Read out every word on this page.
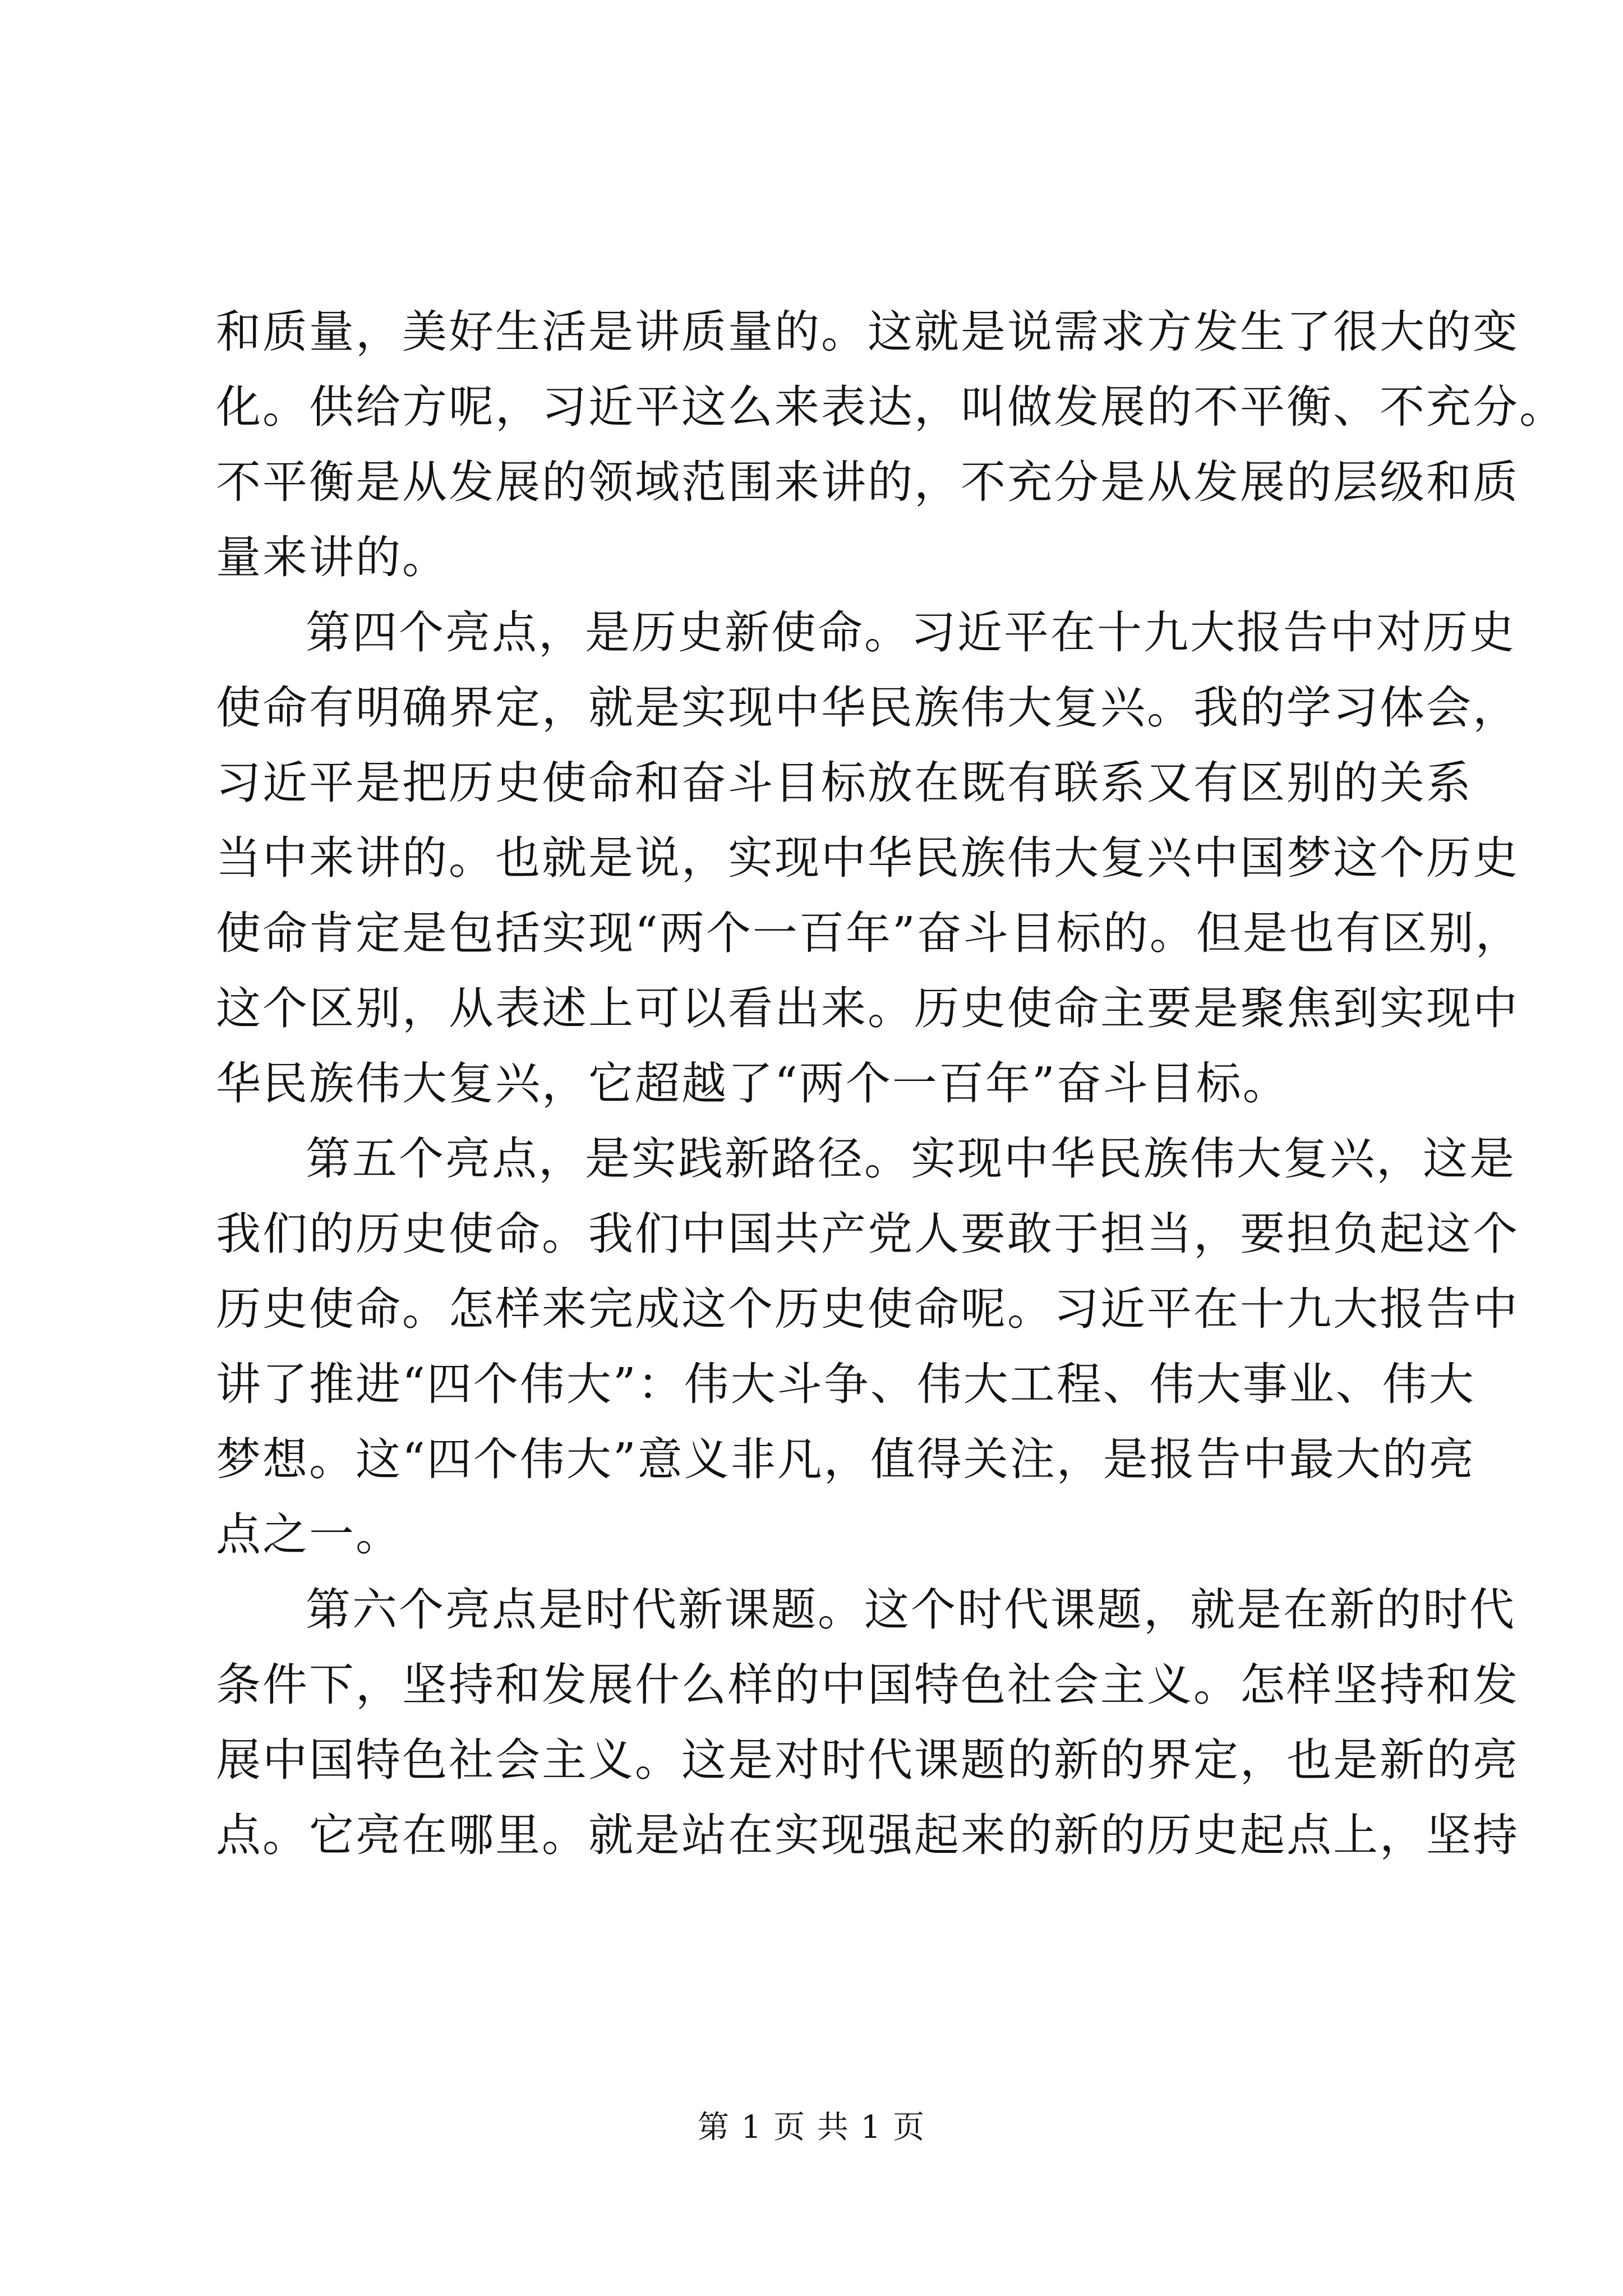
和质量，美好生活是讲质量的。这就是说需求方发生了很大的变
化。供给方呢，习近平这么来表达，叫做发展的不平衡、不充分。
不平衡是从发展的领域范围来讲的，不充分是从发展的层级和质
量来讲的。
第四个亮点，是历史新使命。习近平在十九大报告中对历史
使命有明确界定，就是实现中华民族伟大复兴。我的学习体会，
习近平是把历史使命和奋斗目标放在既有联系又有区别的关系
当中来讲的。也就是说，实现中华民族伟大复兴中国梦这个历史
使命肯定是包括实现“两个一百年”奋斗目标的。但是也有区别，
这个区别，从表述上可以看出来。历史使命主要是聚焦到实现中
华民族伟大复兴，它超越了“两个一百年”奋斗目标。
第五个亮点，是实践新路径。实现中华民族伟大复兴，这是
我们的历史使命。我们中国共产党人要敢于担当，要担负起这个
历史使命。怎样来完成这个历史使命呢。习近平在十九大报告中
讲了推进“四个伟大”：伟大斗争、伟大工程、伟大事业、伟大
梦想。这“四个伟大”意义非凡，值得关注，是报告中最大的亮
点之一。
第六个亮点是时代新课题。这个时代课题，就是在新的时代
条件下，坚持和发展什么样的中国特色社会主义。怎样坚持和发
展中国特色社会主义。这是对时代课题的新的界定，也是新的亮
点。它亮在哪里。就是站在实现强起来的新的历史起点上，坚持
第 1 页 共 1 页
